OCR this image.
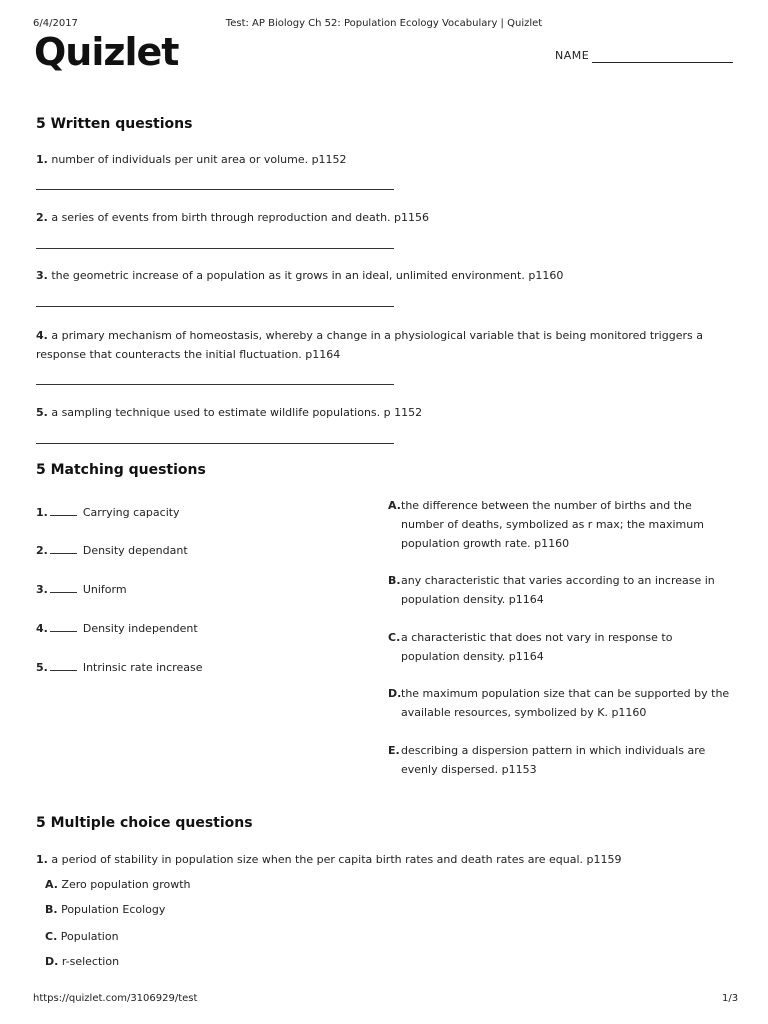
6/4/2017	Test: AP Biology Ch 52: Population Ecology Vocabulary | Quizlet
Quizlet	NAME
5 Written questions
1. number of individuals per unit area or volume. p1152
2. a series of events from birth through reproduction and death. p1156
3. the geometric increase of a population as it grows in an ideal, unlimited environment. p1160
4. a primary mechanism of homeostasis, whereby a change in a physiological variable that is being monitored triggers a response that counteracts the initial fluctuation. p1164
5. a sampling technique used to estimate wildlife populations. p 1152
5 Matching questions
1.	Carrying capacity
2.	Density dependant
3.	Uniform
4.	Density independent
5.	Intrinsic rate increase
A. the difference between the number of births and the number of deaths, symbolized as r max; the maximum population growth rate. p1160
B. any characteristic that varies according to an increase in population density. p1164
C. a characteristic that does not vary in response to population density. p1164
D. the maximum population size that can be supported by the available resources, symbolized by K. p1160
E. describing a dispersion pattern in which individuals are evenly dispersed. p1153
5 Multiple choice questions
1. a period of stability in population size when the per capita birth rates and death rates are equal. p1159
A. Zero population growth
B. Population Ecology
C. Population
D. r-selection
https://quizlet.com/3106929/test	1/3
